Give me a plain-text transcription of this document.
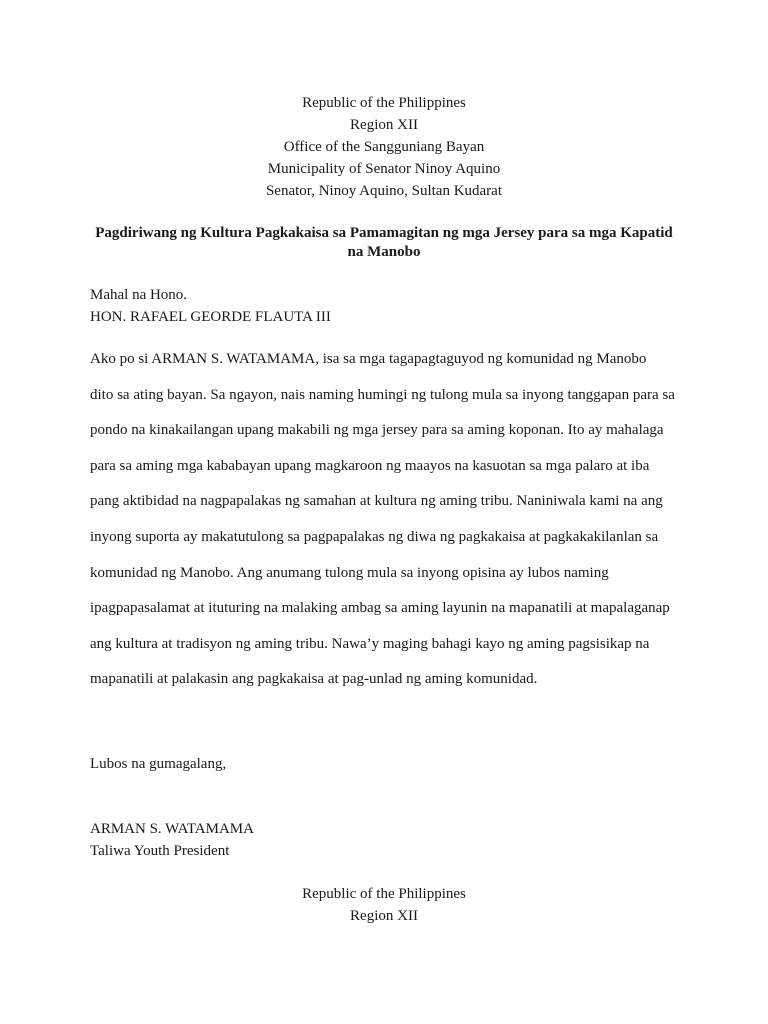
Republic of the Philippines
Region XII
Office of the Sangguniang Bayan
Municipality of Senator Ninoy Aquino
Senator, Ninoy Aquino, Sultan Kudarat
Pagdiriwang ng Kultura Pagkakaisa sa Pamamagitan ng mga Jersey para sa mga Kapatid
na Manobo
Mahal na Hono.
HON. RAFAEL GEORDE FLAUTA III
Ako po si ARMAN S. WATAMAMA, isa sa mga tagapagtaguyod ng komunidad ng Manobo
dito sa ating bayan. Sa ngayon, nais naming humingi ng tulong mula sa inyong tanggapan para sa
pondo na kinakailangan upang makabili ng mga jersey para sa aming koponan. Ito ay mahalaga
para sa aming mga kababayan upang magkaroon ng maayos na kasuotan sa mga palaro at iba
pang aktibidad na nagpapalakas ng samahan at kultura ng aming tribu. Naniniwala kami na ang
inyong suporta ay makatutulong sa pagpapalakas ng diwa ng pagkakaisa at pagkakakilanlan sa
komunidad ng Manobo. Ang anumang tulong mula sa inyong opisina ay lubos naming
ipagpapasalamat at ituturing na malaking ambag sa aming layunin na mapanatili at mapalaganap
ang kultura at tradisyon ng aming tribu. Nawa’y maging bahagi kayo ng aming pagsisikap na
mapanatili at palakasin ang pagkakaisa at pag-unlad ng aming komunidad.
Lubos na gumagalang,
ARMAN S. WATAMAMA
Taliwa Youth President
Republic of the Philippines
Region XII
